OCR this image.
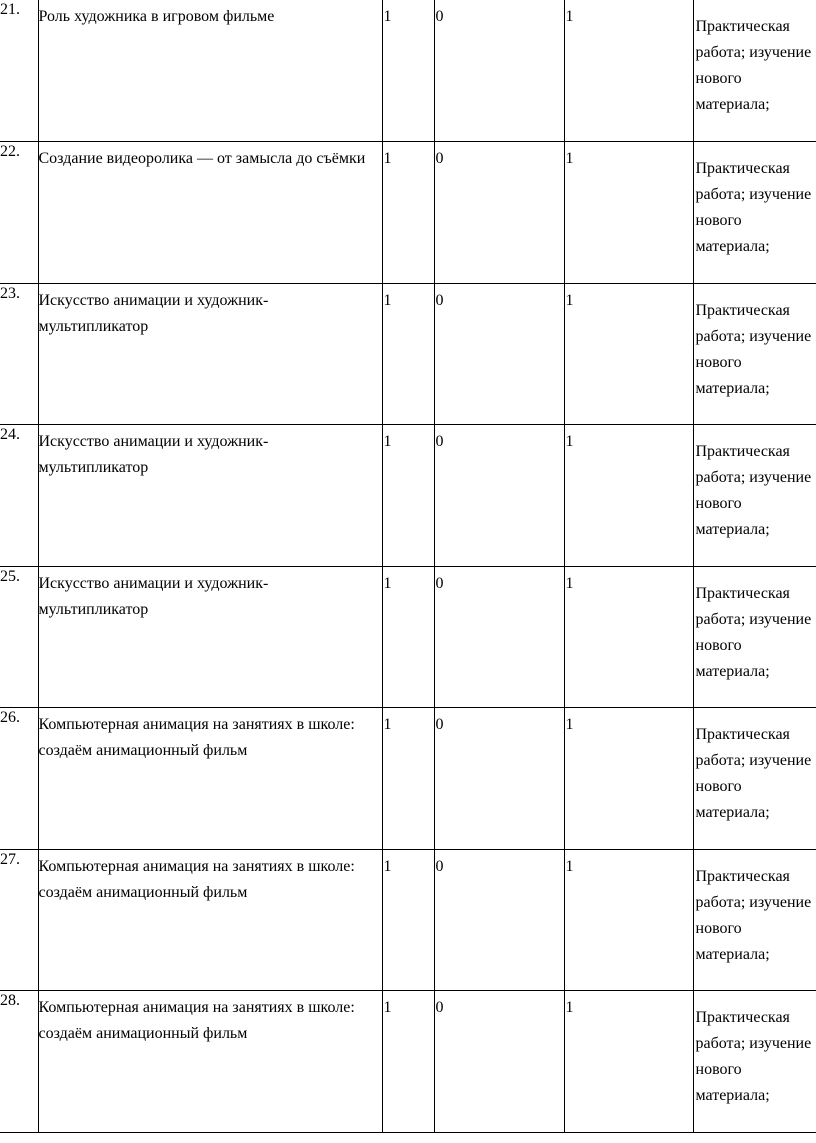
21.	Роль художника в игровом фильме	1	0	1	Практическая работа; изучение нового материала;

22.	Создание видеоролика — от замысла до съёмки	1	0	1	Практическая работа; изучение нового материала;

23.	Искусство анимации и художник-мультипликатор	1	0	1	Практическая работа; изучение нового материала;

24.	Искусство анимации и художник-мультипликатор	1	0	1	Практическая работа; изучение нового материала;

25.	Искусство анимации и художник-мультипликатор	1	0	1	Практическая работа; изучение нового материала;

26.	Компьютерная анимация на занятиях в школе: создаём анимационный фильм	1	0	1	Практическая работа; изучение нового материала;

27.	Компьютерная анимация на занятиях в школе: создаём анимационный фильм	1	0	1	Практическая работа; изучение нового материала;

28.	Компьютерная анимация на занятиях в школе: создаём анимационный фильм	1	0	1	Практическая работа; изучение нового материала;
